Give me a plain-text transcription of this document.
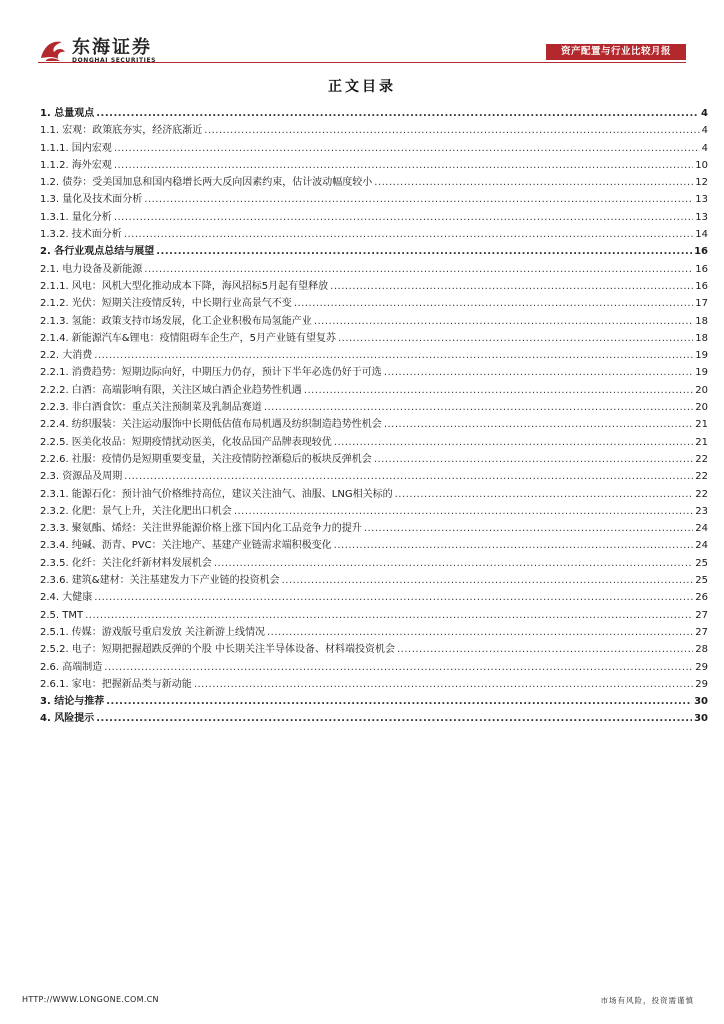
东海证券
DONGHAI SECURITIES
资产配置与行业比较月报
正文目录
1. 总量观点 .....	4
1.1. 宏观：政策底夯实，经济底渐近 .....	4
1.1.1. 国内宏观 .....	4
1.1.2. 海外宏观 .....	10
1.2. 债券：受美国加息和国内稳增长两大反向因素约束，估计波动幅度较小 .....	12
1.3. 量化及技术面分析 .....	13
1.3.1. 量化分析 .....	13
1.3.2. 技术面分析 .....	14
2. 各行业观点总结与展望 .....	16
2.1. 电力设备及新能源 .....	16
2.1.1. 风电：风机大型化推动成本下降，海风招标5月起有望释放 .....	16
2.1.2. 光伏：短期关注疫情反转，中长期行业高景气不变 .....	17
2.1.3. 氢能：政策支持市场发展，化工企业积极布局氢能产业 .....	18
2.1.4. 新能源汽车&锂电：疫情阻碍车企生产，5月产业链有望复苏 .....	18
2.2. 大消费 .....	19
2.2.1. 消费趋势：短期边际向好，中期压力仍存，预计下半年必选仍好于可选 .....	19
2.2.2. 白酒：高端影响有限，关注区域白酒企业趋势性机遇 .....	20
2.2.3. 非白酒食饮：重点关注预制菜及乳制品赛道 .....	20
2.2.4. 纺织服装：关注运动服饰中长期低估值布局机遇及纺织制造趋势性机会 .....	21
2.2.5. 医美化妆品：短期疫情扰动医美，化妆品国产品牌表现较优 .....	21
2.2.6. 社服：疫情仍是短期重要变量，关注疫情防控渐稳后的板块反弹机会 .....	22
2.3. 资源品及周期 .....	22
2.3.1. 能源石化：预计油气价格维持高位，建议关注油气、油服、LNG相关标的 .....	22
2.3.2. 化肥：景气上升，关注化肥出口机会 .....	23
2.3.3. 聚氨酯、烯烃：关注世界能源价格上涨下国内化工品竞争力的提升 .....	24
2.3.4. 纯碱、沥青、PVC：关注地产、基建产业链需求端积极变化 .....	24
2.3.5. 化纤：关注化纤新材料发展机会 .....	25
2.3.6. 建筑&建材：关注基建发力下产业链的投资机会 .....	25
2.4. 大健康 .....	26
2.5. TMT .....	27
2.5.1. 传媒：游戏版号重启发放 关注新游上线情况 .....	27
2.5.2. 电子：短期把握超跌反弹的个股 中长期关注半导体设备、材料端投资机会 .....	28
2.6. 高端制造 .....	29
2.6.1. 家电：把握新品类与新动能 .....	29
3. 结论与推荐 .....	30
4. 风险提示 .....	30
HTTP://WWW.LONGONE.COM.CN	市场有风险，投资需谨慎
